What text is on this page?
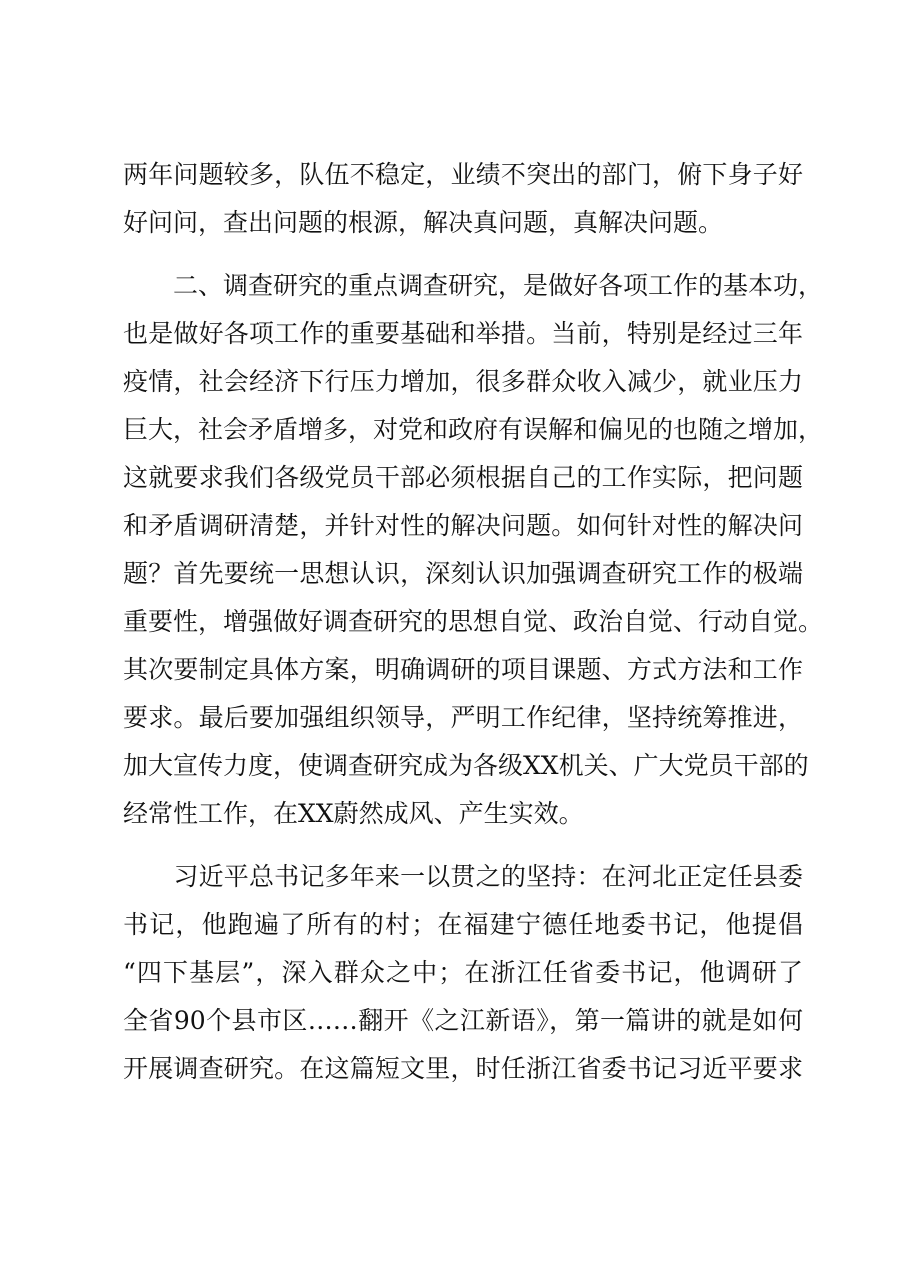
两年问题较多，队伍不稳定，业绩不突出的部门，俯下身子好
好问问，查出问题的根源，解决真问题，真解决问题。
　　二、调查研究的重点调查研究，是做好各项工作的基本功，
也是做好各项工作的重要基础和举措。当前，特别是经过三年
疫情，社会经济下行压力增加，很多群众收入减少，就业压力
巨大，社会矛盾增多，对党和政府有误解和偏见的也随之增加，
这就要求我们各级党员干部必须根据自己的工作实际，把问题
和矛盾调研清楚，并针对性的解决问题。如何针对性的解决问
题？首先要统一思想认识，深刻认识加强调查研究工作的极端
重要性，增强做好调查研究的思想自觉、政治自觉、行动自觉。
其次要制定具体方案，明确调研的项目课题、方式方法和工作
要求。最后要加强组织领导，严明工作纪律，坚持统筹推进，
加大宣传力度，使调查研究成为各级XX机关、广大党员干部的
经常性工作，在XX蔚然成风、产生实效。
　　习近平总书记多年来一以贯之的坚持：在河北正定任县委
书记，他跑遍了所有的村；在福建宁德任地委书记，他提倡
“四下基层”，深入群众之中；在浙江任省委书记，他调研了
全省90个县市区……翻开《之江新语》，第一篇讲的就是如何
开展调查研究。在这篇短文里，时任浙江省委书记习近平要求
